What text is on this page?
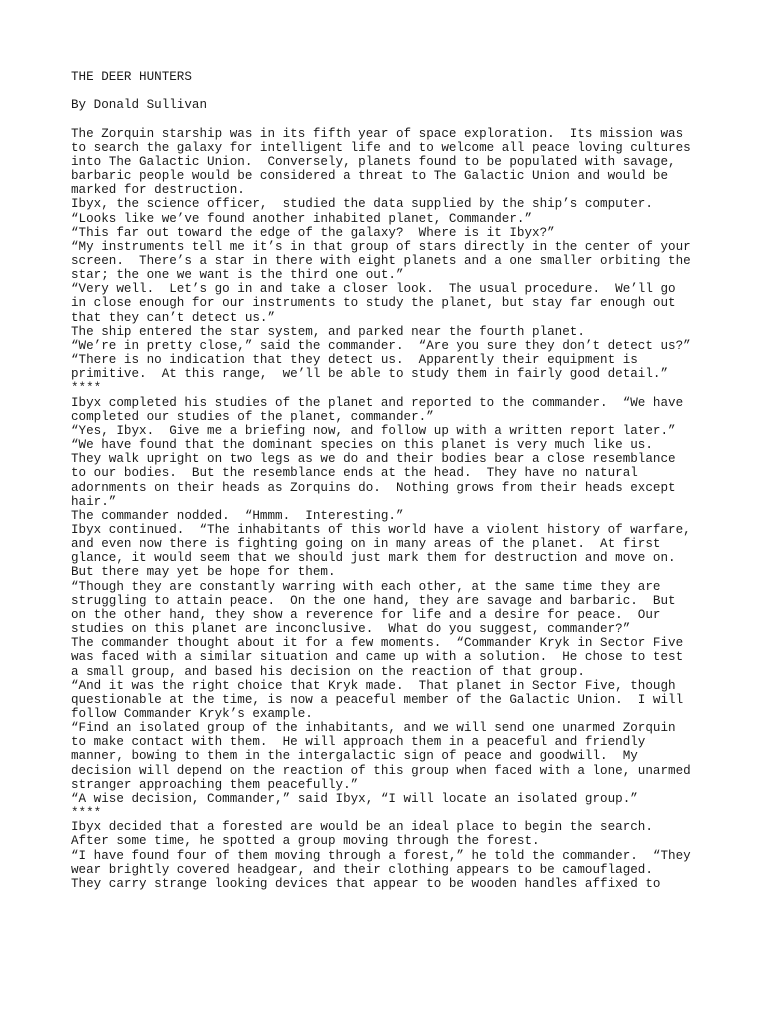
THE DEER HUNTERS

By Donald Sullivan

The Zorquin starship was in its fifth year of space exploration.  Its mission was
to search the galaxy for intelligent life and to welcome all peace loving cultures
into The Galactic Union.  Conversely, planets found to be populated with savage,
barbaric people would be considered a threat to The Galactic Union and would be
marked for destruction.

Ibyx, the science officer,  studied the data supplied by the ship’s computer.

“Looks like we’ve found another inhabited planet, Commander.”

“This far out toward the edge of the galaxy?  Where is it Ibyx?”

“My instruments tell me it’s in that group of stars directly in the center of your
screen.  There’s a star in there with eight planets and a one smaller orbiting the
star; the one we want is the third one out.”

“Very well.  Let’s go in and take a closer look.  The usual procedure.  We’ll go
in close enough for our instruments to study the planet, but stay far enough out
that they can’t detect us.”

The ship entered the star system, and parked near the fourth planet.

“We’re in pretty close,” said the commander.  “Are you sure they don’t detect us?”

“There is no indication that they detect us.  Apparently their equipment is
primitive.  At this range,  we’ll be able to study them in fairly good detail.”

****

Ibyx completed his studies of the planet and reported to the commander.  “We have
completed our studies of the planet, commander.”

“Yes, Ibyx.  Give me a briefing now, and follow up with a written report later.”

“We have found that the dominant species on this planet is very much like us.
They walk upright on two legs as we do and their bodies bear a close resemblance
to our bodies.  But the resemblance ends at the head.  They have no natural
adornments on their heads as Zorquins do.  Nothing grows from their heads except
hair.”

The commander nodded.  “Hmmm.  Interesting.”

Ibyx continued.  “The inhabitants of this world have a violent history of warfare,
and even now there is fighting going on in many areas of the planet.  At first
glance, it would seem that we should just mark them for destruction and move on.
But there may yet be hope for them.

“Though they are constantly warring with each other, at the same time they are
struggling to attain peace.  On the one hand, they are savage and barbaric.  But
on the other hand, they show a reverence for life and a desire for peace.  Our
studies on this planet are inconclusive.  What do you suggest, commander?”

The commander thought about it for a few moments.  “Commander Kryk in Sector Five
was faced with a similar situation and came up with a solution.  He chose to test
a small group, and based his decision on the reaction of that group.

“And it was the right choice that Kryk made.  That planet in Sector Five, though
questionable at the time, is now a peaceful member of the Galactic Union.  I will
follow Commander Kryk’s example.

“Find an isolated group of the inhabitants, and we will send one unarmed Zorquin
to make contact with them.  He will approach them in a peaceful and friendly
manner, bowing to them in the intergalactic sign of peace and goodwill.  My
decision will depend on the reaction of this group when faced with a lone, unarmed
stranger approaching them peacefully.”

“A wise decision, Commander,” said Ibyx, “I will locate an isolated group.”

****

Ibyx decided that a forested are would be an ideal place to begin the search.
After some time, he spotted a group moving through the forest.

“I have found four of them moving through a forest,” he told the commander.  “They
wear brightly covered headgear, and their clothing appears to be camouflaged.
They carry strange looking devices that appear to be wooden handles affixed to
